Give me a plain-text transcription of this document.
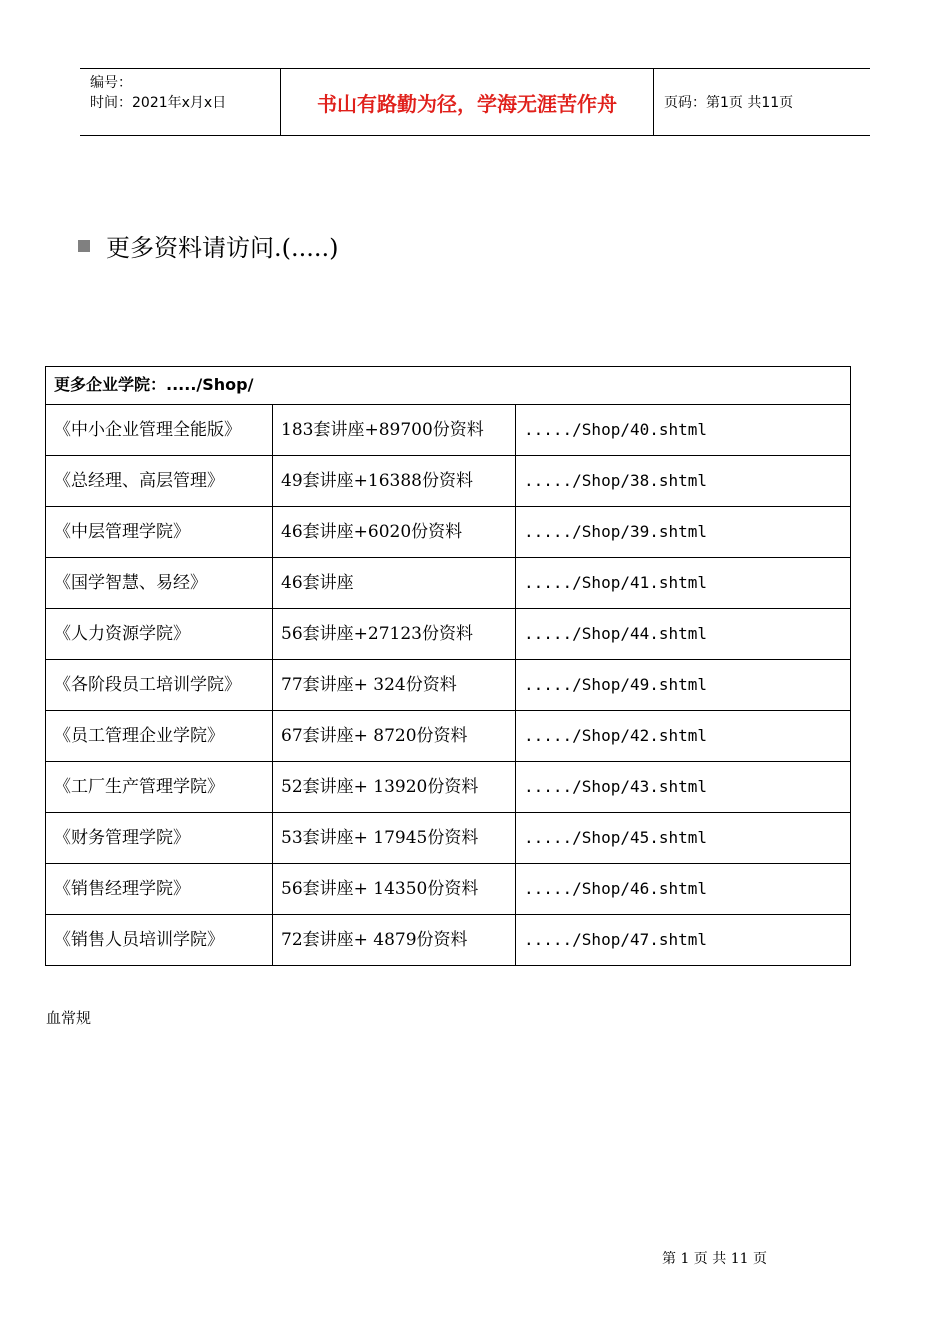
编号：
时间：2021年x月x日	书山有路勤为径，学海无涯苦作舟	页码：第1页 共11页
更多资料请访问.(.....)
更多企业学院：...../Shop/		
《中小企业管理全能版》	183套讲座+89700份资料	...../Shop/40.shtml
《总经理、高层管理》	49套讲座+16388份资料	...../Shop/38.shtml
《中层管理学院》	46套讲座+6020份资料	...../Shop/39.shtml
《国学智慧、易经》	46套讲座	...../Shop/41.shtml
《人力资源学院》	56套讲座+27123份资料	...../Shop/44.shtml
《各阶段员工培训学院》	77套讲座+ 324份资料	...../Shop/49.shtml
《员工管理企业学院》	67套讲座+ 8720份资料	...../Shop/42.shtml
《工厂生产管理学院》	52套讲座+ 13920份资料	...../Shop/43.shtml
《财务管理学院》	53套讲座+ 17945份资料	...../Shop/45.shtml
《销售经理学院》	56套讲座+ 14350份资料	...../Shop/46.shtml
《销售人员培训学院》	72套讲座+ 4879份资料	...../Shop/47.shtml
血常规
第 1 页 共 11 页
